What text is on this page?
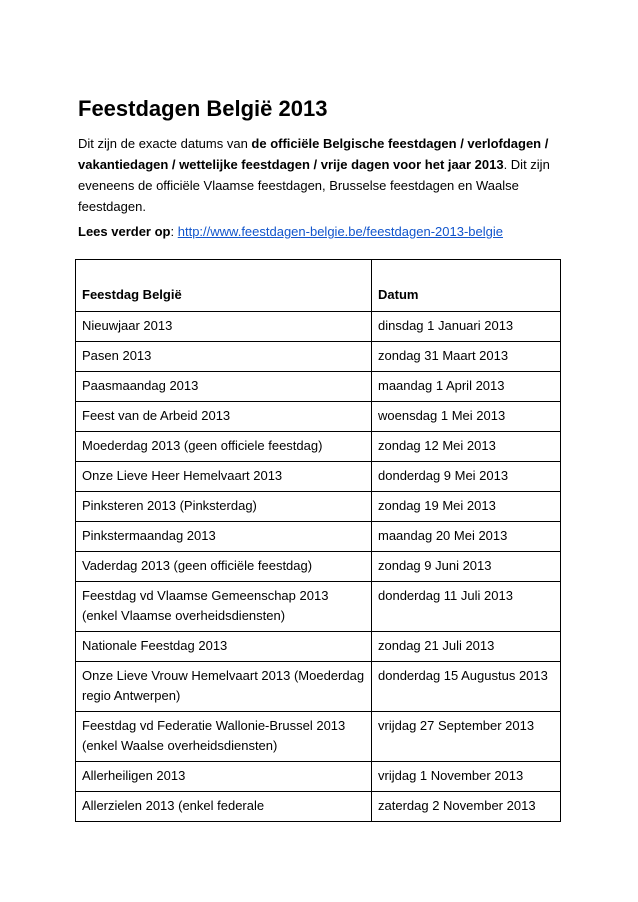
Feestdagen België 2013

Dit zijn de exacte datums van de officiële Belgische feestdagen / verlofdagen / vakantiedagen / wettelijke feestdagen / vrije dagen voor het jaar 2013. Dit zijn eveneens de officiële Vlaamse feestdagen, Brusselse feestdagen en Waalse feestdagen.

Lees verder op: http://www.feestdagen-belgie.be/feestdagen-2013-belgie

Feestdag België	Datum
Nieuwjaar 2013	dinsdag 1 Januari 2013
Pasen 2013	zondag 31 Maart 2013
Paasmaandag 2013	maandag 1 April 2013
Feest van de Arbeid 2013	woensdag 1 Mei 2013
Moederdag 2013 (geen officiele feestdag)	zondag 12 Mei 2013
Onze Lieve Heer Hemelvaart 2013	donderdag 9 Mei 2013
Pinksteren 2013 (Pinksterdag)	zondag 19 Mei 2013
Pinkstermaandag 2013	maandag 20 Mei 2013
Vaderdag 2013 (geen officiële feestdag)	zondag 9 Juni 2013
Feestdag vd Vlaamse Gemeenschap 2013 (enkel Vlaamse overheidsdiensten)	donderdag 11 Juli 2013
Nationale Feestdag 2013	zondag 21 Juli 2013
Onze Lieve Vrouw Hemelvaart 2013 (Moederdag regio Antwerpen)	donderdag 15 Augustus 2013
Feestdag vd Federatie Wallonie-Brussel 2013 (enkel Waalse overheidsdiensten)	vrijdag 27 September 2013
Allerheiligen 2013	vrijdag 1 November 2013
Allerzielen 2013 (enkel federale	zaterdag 2 November 2013
